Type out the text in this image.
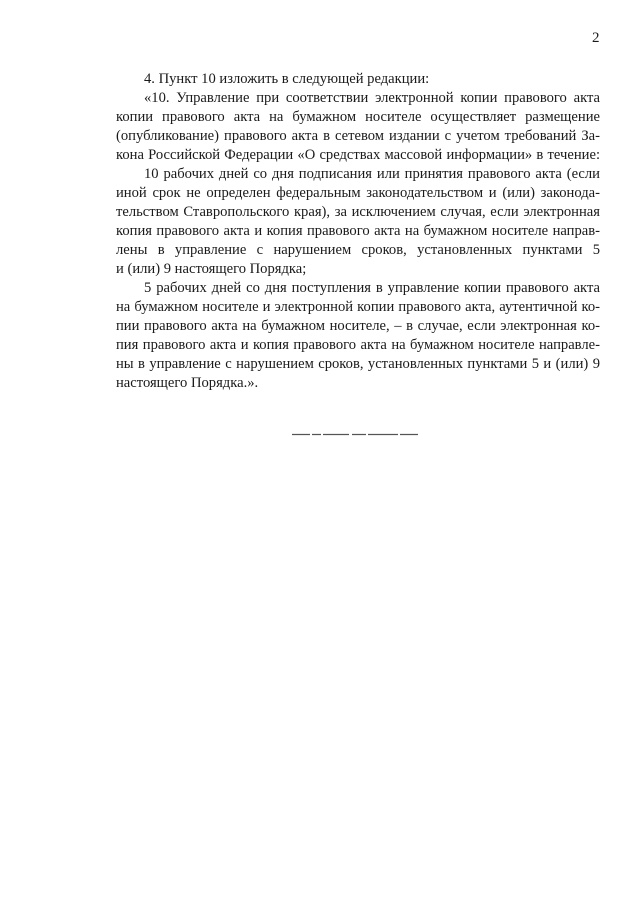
2
4. Пункт 10 изложить в следующей редакции:
«10. Управление при соответствии электронной копии правового акта
копии правового акта на бумажном носителе осуществляет размещение
(опубликование) правового акта в сетевом издании с учетом требований За-
кона Российской Федерации «О средствах массовой информации» в течение:
10 рабочих дней со дня подписания или принятия правового акта (если
иной срок не определен федеральным законодательством и (или) законода-
тельством Ставропольского края), за исключением случая, если электронная
копия правового акта и копия правового акта на бумажном носителе направ-
лены в управление с нарушением сроков, установленных пунктами 5
и (или) 9 настоящего Порядка;
5 рабочих дней со дня поступления в управление копии правового акта
на бумажном носителе и электронной копии правового акта, аутентичной ко-
пии правового акта на бумажном носителе, – в случае, если электронная ко-
пия правового акта и копия правового акта на бумажном носителе направле-
ны в управление с нарушением сроков, установленных пунктами 5 и (или) 9
настоящего Порядка.».
